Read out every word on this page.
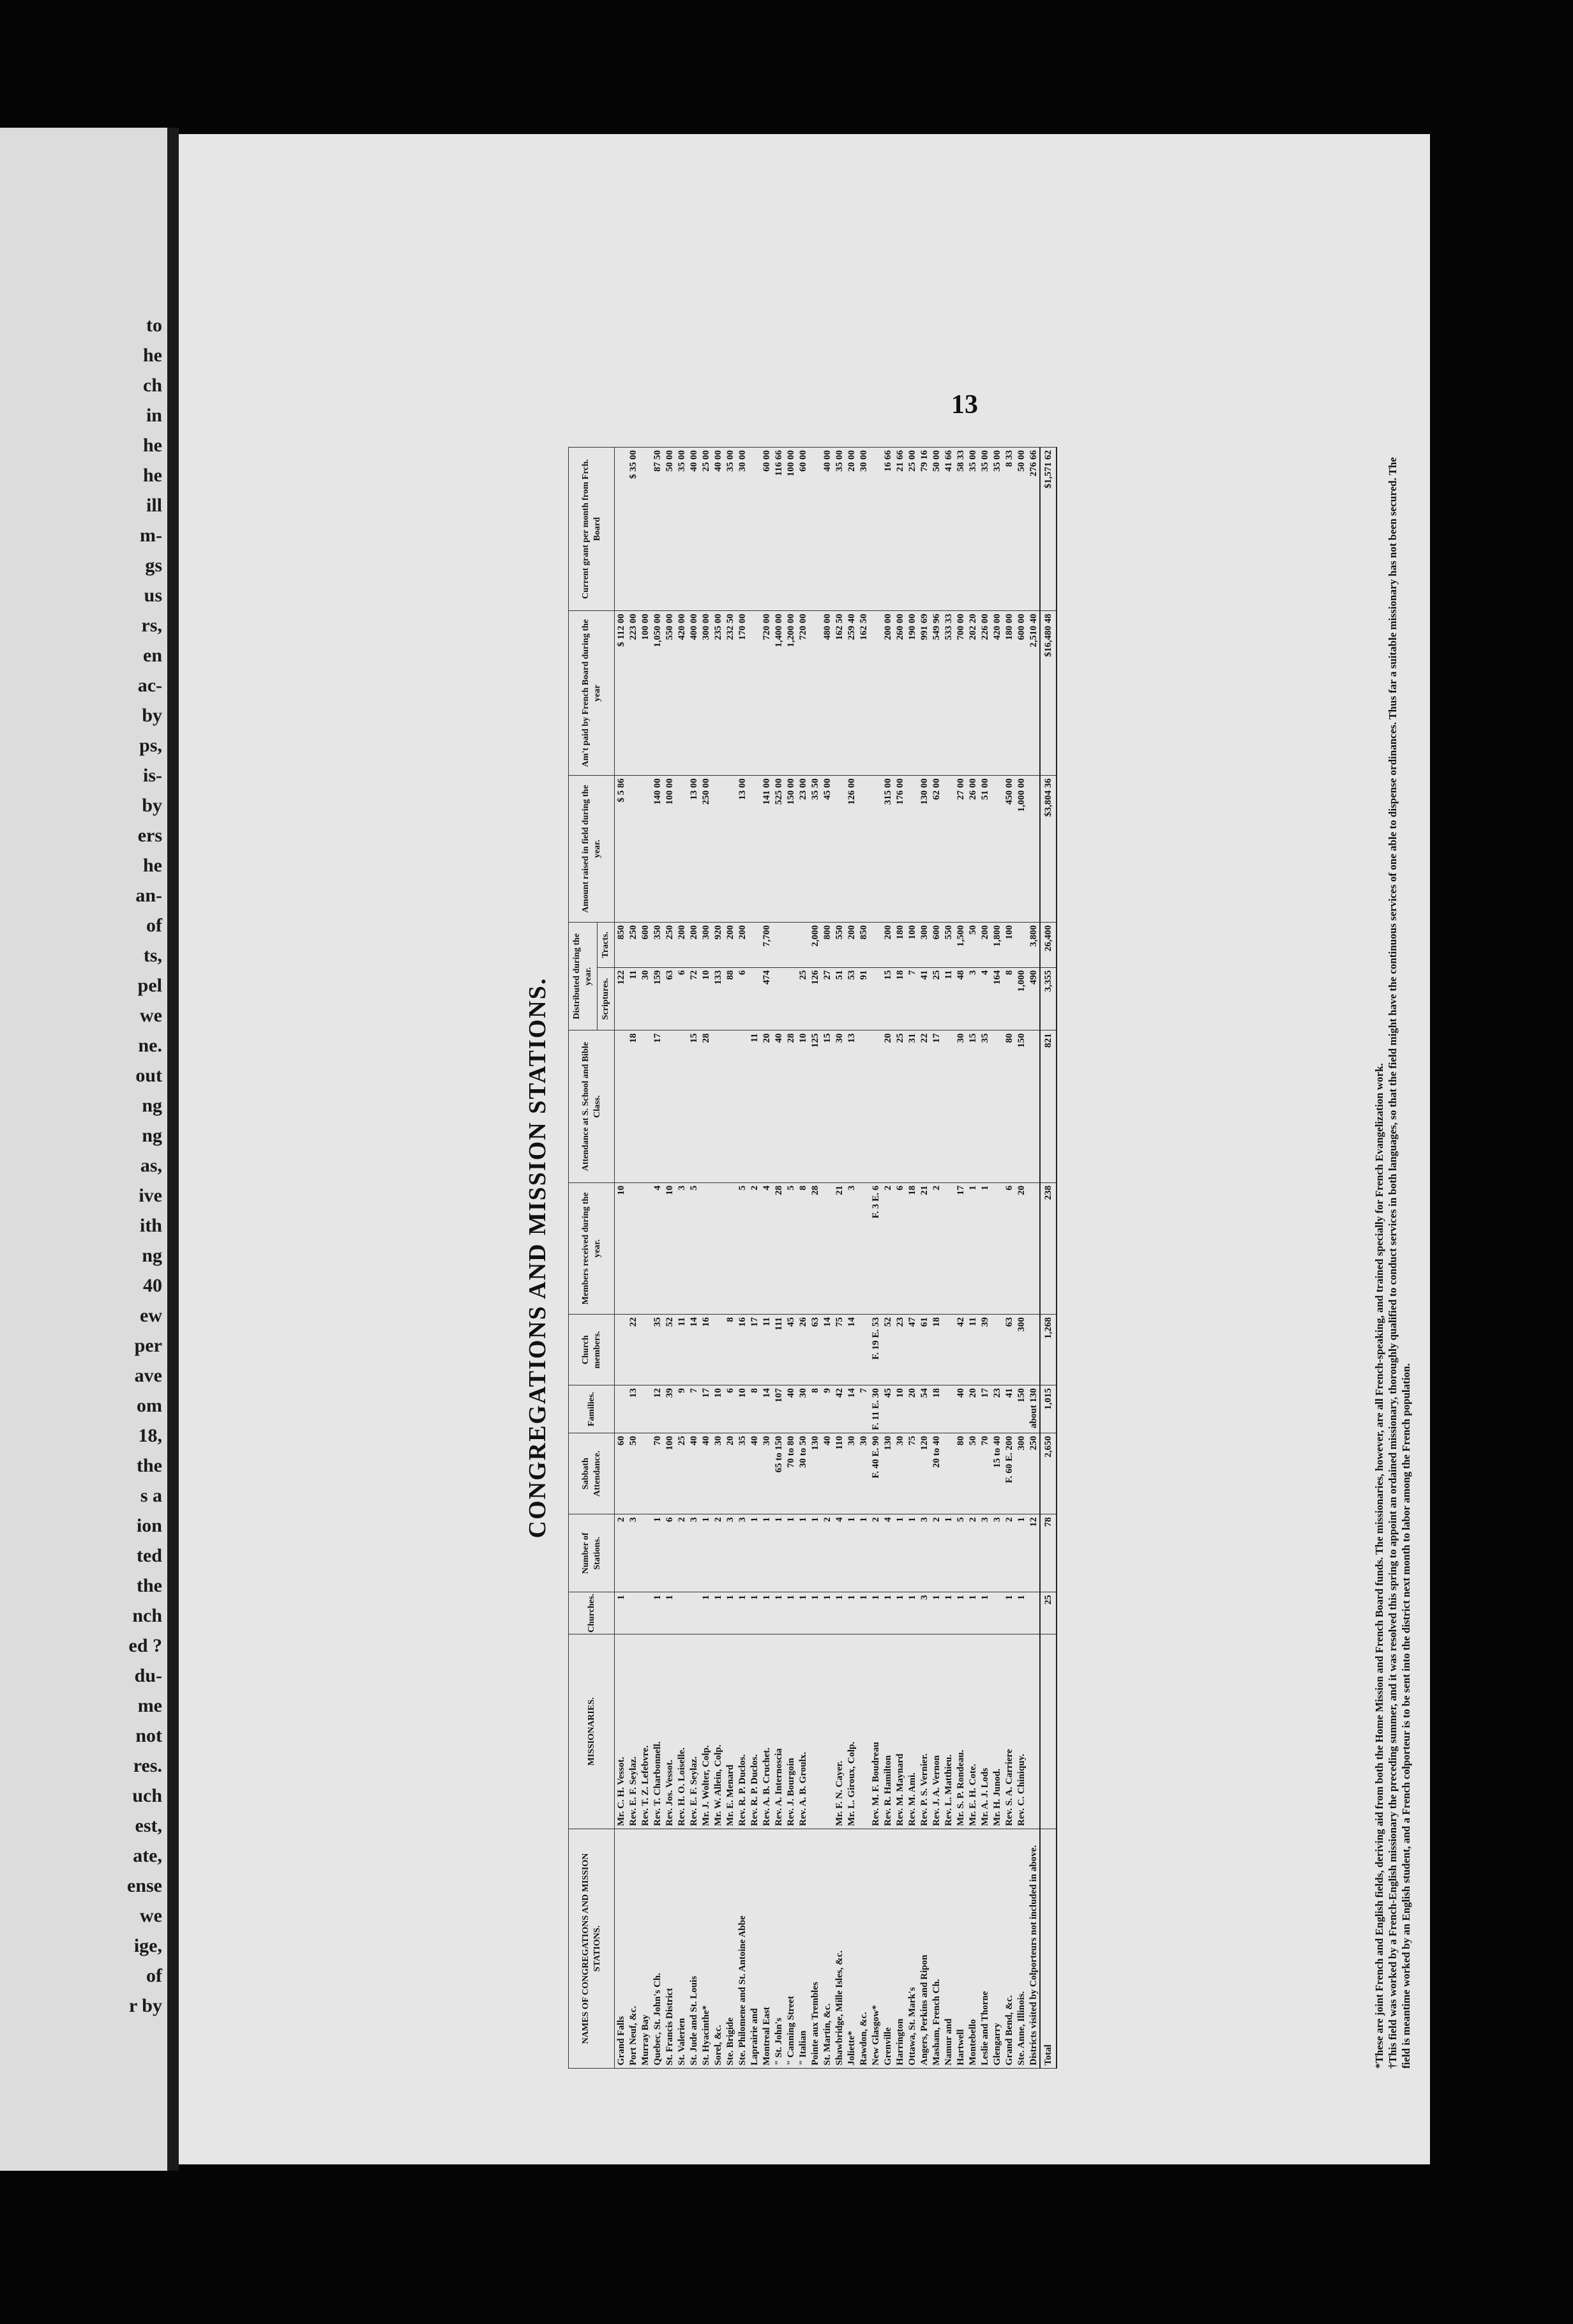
to
he
ch
in
he
he
ill
m-
gs
us
rs,
en
ac-
by
ps,
is-
by
ers
he
an-
of
ts,
pel
we
ne.
out
ng
ng
as,
ive
ith
ng
40
ew
per
ave
om
18,
the
s a
ion
ted
the
nch
ed ?
du-
me
not
res.
uch
est,
ate,
ense
we
ige,
of
r by
13
CONGREGATIONS AND MISSION STATIONS.
NAMES OF CONGREGATIONS AND MISSION STATIONS.	MISSIONARIES.	Churches.	Number of Stations.	Sabbath Attendance.	Families.	Church members.	Members received during the year.	Attendance at S. School and Bible Class.	Distributed during the year.		Amount raised in field during the year.	Am't paid by French Board during the year	Current grant per month from Frch. Board
									Scriptures.	Tracts.			
Grand Falls	Mr. C. H. Vessot.	1	2	60			10		122	850	$ 5 86	$ 112 00	
Port Neuf, &c.	Rev. E. F. Seylaz.		3	50	13	22		18	11	250		223 00	$ 35 00
Murray Bay	Rev. T. Z. Lefebvre.								30	600		100 00	
Quebec, St. John's Ch.	Rev. T. Charbonnell.	1	1	70	12	35	4	17	159	350	140 00	1,050 00	87 50
St. Francis District	Rev. Jos. Vessot.	1	6	100	39	52	10		63	250	100 00	550 00	50 00
St. Valerien	Rev. H. O. Loiselle.		2	25	9	11	3		6	200		420 00	35 00
St. Jude and St. Louis	Rev. E. F. Seylaz.		3	40	7	14	5	15	72	200	13 00	400 00	40 00
St. Hyacinthe*	Mr. J. Wolter, Colp.	1	1	40	17	16		28	10	300	250 00	300 00	25 00
Sorel, &c.	Mr. W. Allein, Colp.	1	2	30	10				133	920		235 00	40 00
Ste. Brigide	Mr. E. Menard	1	3	20	6	8			88	200		232 50	35 00
Ste. Philomene and St. Antoine Abbe	Rev. R. P. Duclos.	1	3	35	10	16	5		6	200	13 00	170 00	30 00
Laprairie and	Rev. R. P. Duclos.	1	1	40	8	17	2	11					
Montreal East	Rev. A. B. Cruchet.	1	1	30	14	11	4	20	474	7,700	141 00	720 00	60 00
" St. John's	Rev. A. Internoscia	1	1	65 to 150	107	111	28	40			525 00	1,400 00	116 66
" Canning Street	Rev. J. Bourgoin	1	1	70 to 80	40	45	5	28			150 00	1,200 00	100 00
" Italian	Rev. A. B. Groulx.	1	1	30 to 50	30	26	8	10	25		23 00	720 00	60 00
Pointe aux Trembles		1	1	130	8	63	28	125	126	2,000	35 50		
St. Martin, &c.		1	2	40	9	14		15	27	800	45 00	480 00	40 00
Shawbridge, Mille Isles, &c.	Mr. F. N. Cayer.	1	4	110	42	75	21	30	51	550		162 50	35 00
Joliette*	Mr. L. Giroux, Colp.	1	1	30	14	14	3	13	53	200	126 00	259 40	20 00
Rawdon, &c.		1	1	30	7				91	850		162 50	30 00
New Glasgow*	Rev. M. F. Boudreau	1	2	F. 40 E. 90	F. 11 E. 30	F. 19 E. 53	F. 3 E. 6						
Grenville	Rev. R. Hamilton	1	4	130	45	52	2	20	15	200	315 00	200 00	16 66
Harrington	Rev. M. Maynard	1	1	30	10	23	6	25	18	180	176 00	260 00	21 66
Ottawa, St. Mark's	Rev. M. Ami.	1	1	75	20	47	18	31	7	100		190 00	25 00
Angers, Perkins and Ripon	Rev. P. S. Vernier.	3	3	120	54	61	21	22	41	300	130 00	991 69	79 16
Masham, French Ch.	Rev. J. A. Vernon	1	2	20 to 40	18	18	2	17	25	600	62 00	549 96	50 00
Namur and	Rev. L. Matthieu.	1	1						11	550		533 33	41 66
Hartwell	Mr. S. P. Rondeau.	1	5	80	40	42	17	30	48	1,500	27 00	700 00	58 33
Montebello	Mr. E. H. Cote.	1	2	50	20	11	1	15	3	50	26 00	202 20	35 00
Leslie and Thorne	Mr. A. J. Lods	1	3	70	17	39	1	35	4	200	51 00	226 00	35 00
Glengarry	Mr. H. Junod.		3	15 to 40	23				164	1,800		420 00	35 00
Grand Bend, &c.	Rev. S. A. Carriere	1	2	F. 60 E. 200	41	63	6	80	8	100	450 00	180 00	8 33
Ste. Anne, Illinois.	Rev. C. Chiniquy.	1	1	300	150	300	20	150	1,000		1,000 00	600 00	50 00
Districts visited by Colporteurs not included in above.			12	250	about 130				490	3,800		2,510 40	276 66
Total		25	78	2,650	1,015	1,268	238	821	3,355	26,400	$3,804 36	$16,480 48	$1,571 62

*These are joint French and English fields, deriving aid from both the Home Mission and French Board funds. The missionaries, however, are all French-speaking, and trained specially for French Evangelization work. †This field was worked by a French-English missionary the preceding summer, and it was resolved this spring to appoint an ordained missionary, thoroughly qualified to conduct services in both languages, so that the field might have the continuous services of one able to dispense ordinances. Thus far a suitable missionary has not been secured. The field is meantime worked by an English student, and a French colporteur is to be sent into the district next month to labor among the French population.
